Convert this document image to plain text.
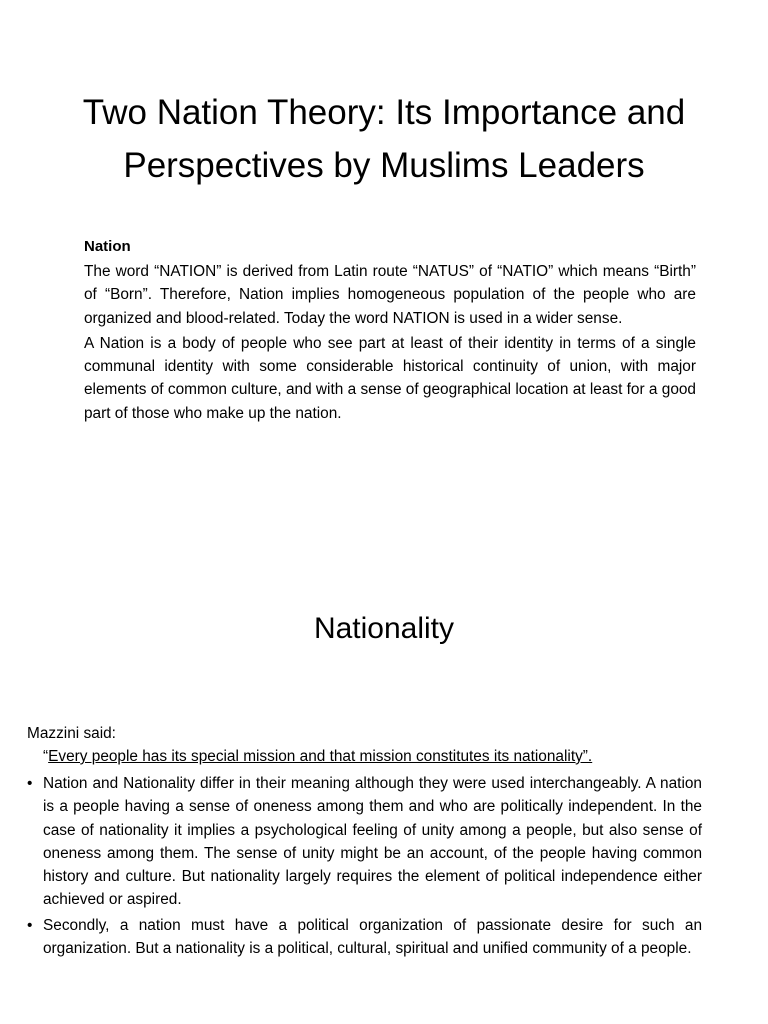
Two Nation Theory: Its Importance and Perspectives by Muslims Leaders
Nation

The word “NATION” is derived from Latin route “NATUS” of “NATIO” which means “Birth” of “Born”. Therefore, Nation implies homogeneous population of the people who are organized and blood-related. Today the word NATION is used in a wider sense.

A Nation is a body of people who see part at least of their identity in terms of a single communal identity with some considerable historical continuity of union, with major elements of common culture, and with a sense of geographical location at least for a good part of those who make up the nation.

Nationality

Mazzini said:

“Every people has its special mission and that mission constitutes its nationality”.

• Nation and Nationality differ in their meaning although they were used interchangeably. A nation is a people having a sense of oneness among them and who are politically independent. In the case of nationality it implies a psychological feeling of unity among a people, but also sense of oneness among them. The sense of unity might be an account, of the people having common history and culture. But nationality largely requires the element of political independence either achieved or aspired.
• Secondly, a nation must have a political organization of passionate desire for such an organization. But a nationality is a political, cultural, spiritual and unified community of a people.
